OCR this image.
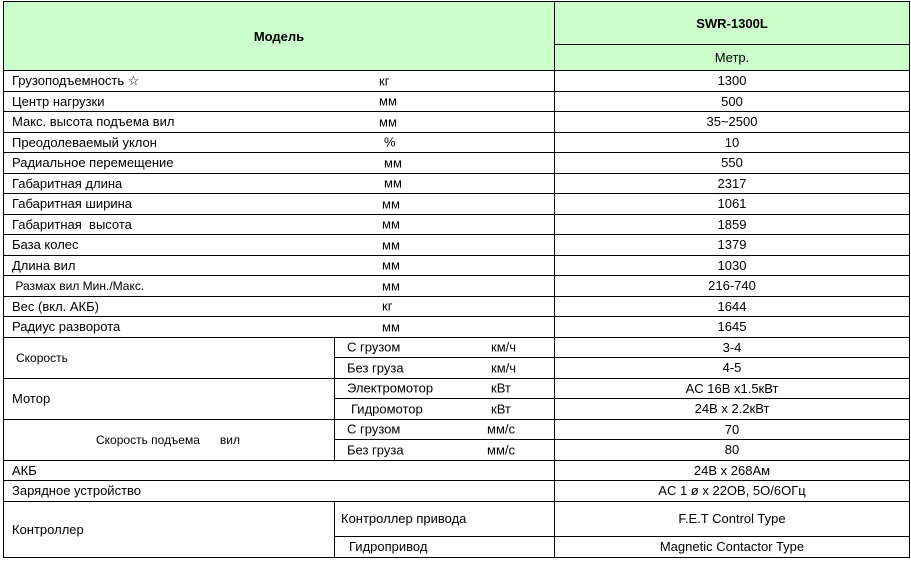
Модель		SWR-1300L
		Метр.
Грузоподъемность ☆ кг		1300
Центр нагрузки мм		500
Макс. высота подъема вил мм		35~2500
Преодолеваемый уклон %		10
Радиальное перемещение мм		550
Габаритная длина мм		2317
Габаритная ширина мм		1061
Габаритная  высота мм		1859
База колес мм		1379
Длина вил мм		1030
Размах вил Мин./Макс. мм		216-740
Вес (вкл. АКБ) кг		1644
Радиус разворота мм		1645
Скорость	С грузом км/ч	3-4

	Без груза км/ч	4-5
Мотор	Электромотор кВт	AC 16В x1.5кВт

	Гидромотор кВт	24В x 2.2кВт
Скорость подъема      вил	С грузом мм/с	70

	Без груза мм/с	80
АКБ		24В x 268Ам
Зарядное устройство		AC 1 ø x 22ОВ, 5О/6ОГц
Контроллер	Контроллер привода	F.E.T Control Type
	Гидропривод	Magnetic Contactor Type
